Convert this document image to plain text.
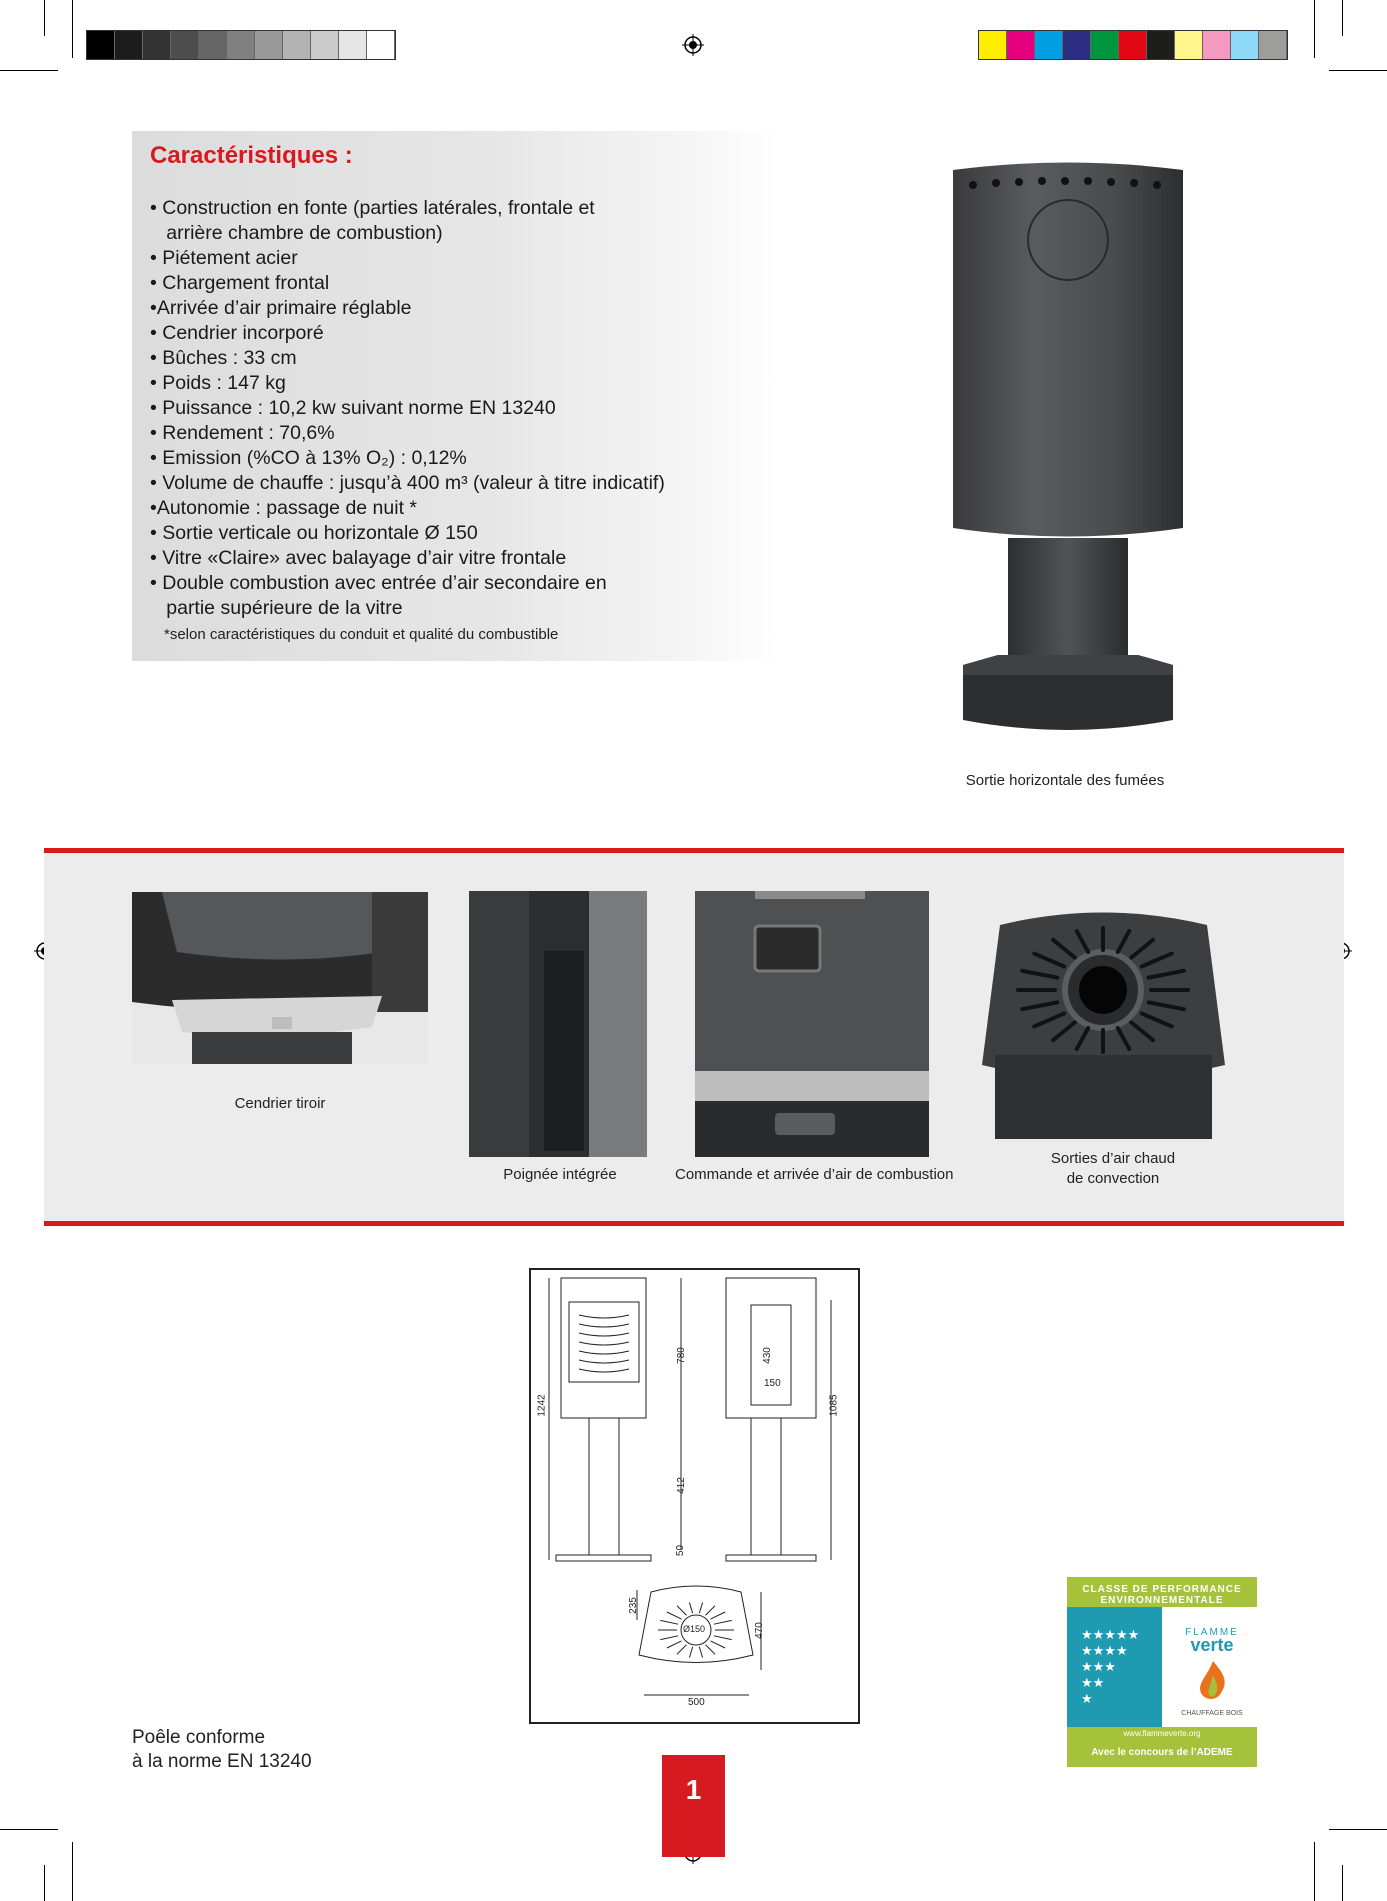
Caractéristiques :
• Construction en fonte (parties latérales, frontale et
arrière chambre de combustion)
• Piétement acier
• Chargement frontal
•Arrivée d’air primaire réglable
• Cendrier incorporé
• Bûches : 33 cm
• Poids : 147 kg
• Puissance : 10,2 kw suivant norme EN 13240
• Rendement : 70,6%
• Emission (%CO à 13% O₂) : 0,12%
• Volume de chauffe : jusqu’à 400 m³ (valeur à titre indicatif)
•Autonomie : passage de nuit *
• Sortie verticale ou horizontale Ø 150
• Vitre «Claire» avec balayage d’air vitre frontale
• Double combustion avec entrée d’air secondaire en
partie supérieure de la vitre
*selon caractéristiques du conduit et qualité du combustible
Sortie horizontale des fumées
Cendrier tiroir
Poignée intégrée	Commande et arrivée d’air de combustion
Sorties d’air chaud
de convection
1242
780
412
50
430
150
1085
235
470
Ø150
500
CLASSE DE PERFORMANCE
ENVIRONNEMENTALE
★★★★★
★★★★
★★★
★★
★
FLAMME
verte
CHAUFFAGE BOIS
www.flammeverte.org
Avec le concours de l’ADEME
Poêle conforme
à la norme EN 13240
1
